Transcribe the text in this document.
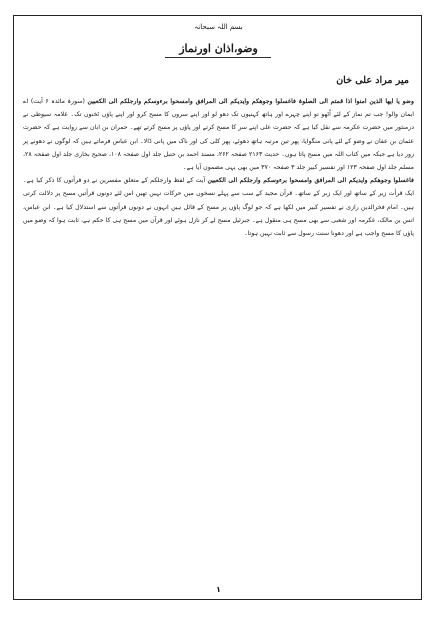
بسم اللہ سبحانہ
وضو،اذان اورنماز
میر مراد علی خان

وضو یا ایھا الذین امنوا اذا قمتم الی الصلوۃ فاغسلوا وجوھکم وایدیکم الی المرافق وامسحوا برءوسکم وارجلکم الی الکعبین (سورۃ مائدہ ۶ آیت) اے ایمان والو! جب تم نماز کے لئے اُٹھو تو اپنے چہرے اور ہاتھ کہنیوں تک دھو لو اور اپنے سروں کا مسح کرو اور اپنے پاؤں ٹخنوں تک۔ علامہ سیوطی نے درمنثور میں حضرت عکرمہ سے نقل کیا ہے کہ حضرت علی اپنے سر کا مسح کرتے اور پاؤں پر مسح کرتے تھے۔ حمران بن ابان سے روایت ہے کہ حضرت عثمان بن عفان نے وضو کے لئے پانی منگوایا، پھر تین مرتبہ ہاتھ دھوئے، پھر کلی کی اور ناک میں پانی ڈالا۔ ابن عباس فرماتے ہیں کہ لوگوں نے دھونے پر زور دیا ہے جبکہ میں کتاب اللہ میں مسح پاتا ہوں۔ حدیث ۲۱۶۳ صفحہ ۲۶۲، مسند احمد بن حنبل جلد اول صفحہ ۱۰۸، صحیح بخاری جلد اول صفحہ ۲۸، مسلم جلد اول صفحہ ۱۲۳ اور تفسیر کبیر جلد ۳ صفحہ ۳۷۰ میں بھی یہی مضمون آیا ہے۔

فاغسلوا وجوھکم وایدیکم الی المرافق وامسحوا برءوسکم وارجلکم الی الکعبین آیت کے لفظ وارجلکم کے متعلق مفسرین نے دو قرأتوں کا ذکر کیا ہے۔ ایک قرأت زیر کے ساتھ اور ایک زبر کے ساتھ۔ قرآن مجید کے سب سے پہلے نسخوں میں حرکات نہیں تھیں اس لئے دونوں قرأتیں مسح پر دلالت کرتی ہیں۔ امام فخرالدین رازی نے تفسیر کبیر میں لکھا ہے کہ جو لوگ پاؤں پر مسح کے قائل ہیں انہوں نے دونوں قرأتوں سے استدلال کیا ہے۔ ابن عباس، انس بن مالک، عکرمہ اور شعبی سے بھی مسح ہی منقول ہے۔ جبرئیل مسح لے کر نازل ہوئے اور قرآن میں مسح ہی کا حکم ہے، ثابت ہوا کہ وضو میں پاؤں کا مسح واجب ہے اور دھونا سنت رسول سے ثابت نہیں ہوتا۔

۱
